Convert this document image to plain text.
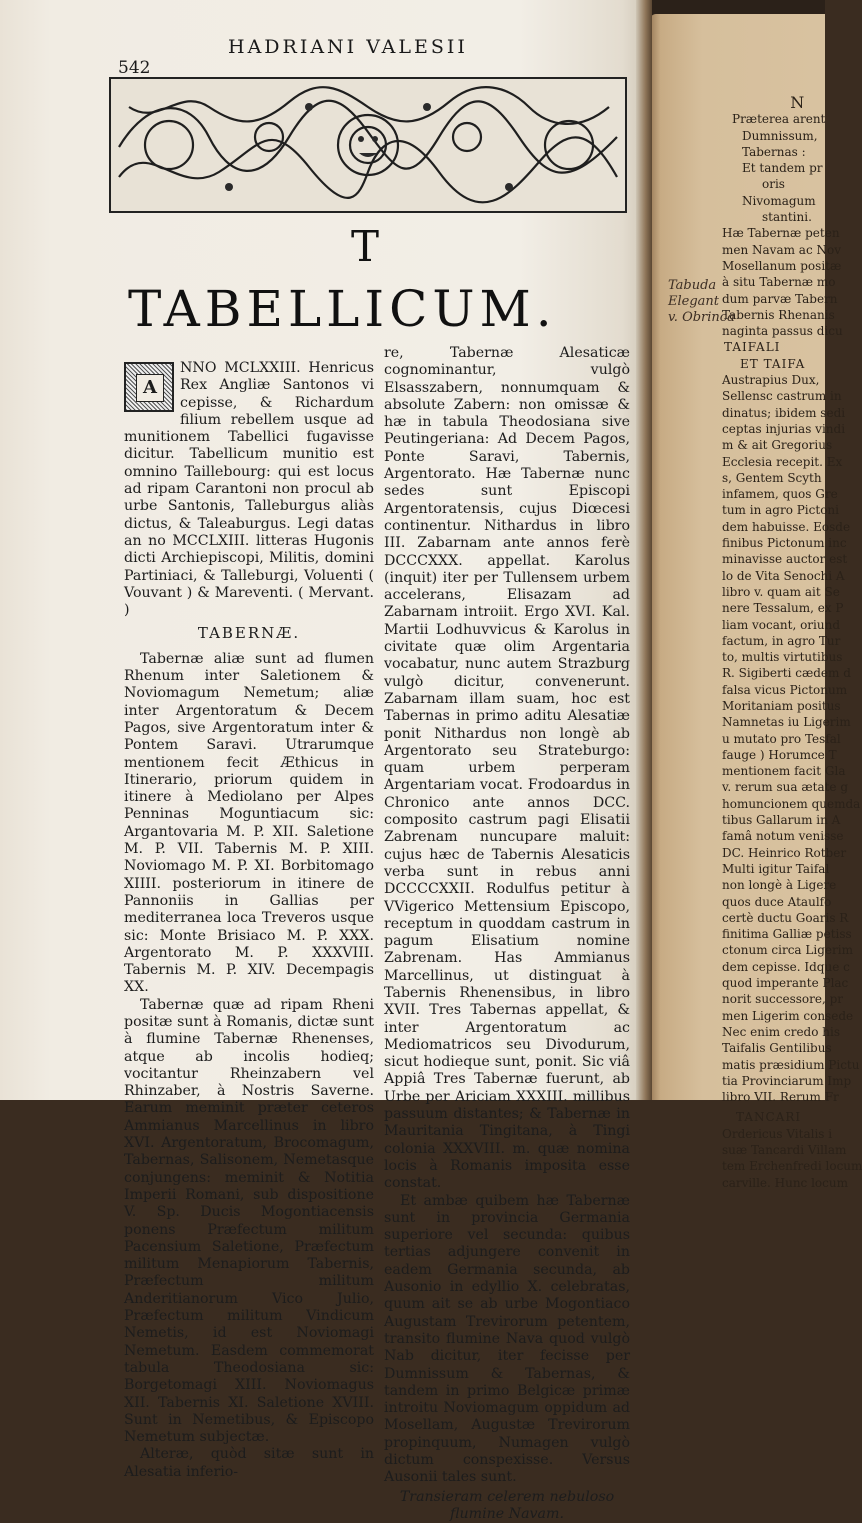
542
HADRIANI VALESII
T
TABELLICUM.

A
NNO MCLXXIII. Henricus Rex Angliæ Santonos vi cepisse, & Richardum filium rebellem usque ad munitionem Tabellici fugavisse dicitur. Tabellicum munitio est omnino Taillebourg: qui est locus ad ripam Carantoni non procul ab urbe Santonis, Talleburgus aliàs dictus, & Taleaburgus. Legi datas an no MCCLXIII. litteras Hugonis dicti Archiepiscopi, Militis, domini Partiniaci, & Talleburgi, Voluenti ( Vouvant ) & Mareventi. ( Mervant. )

TABERNÆ.

Tabernæ aliæ sunt ad flumen Rhenum inter Saletionem & Noviomagum Nemetum; aliæ inter Argentoratum & Decem Pagos, sive Argentoratum inter & Pontem Saravi. Utrarumque mentionem fecit Æthicus in Itinerario, priorum quidem in itinere à Mediolano per Alpes Penninas Moguntiacum sic: Argantovaria M. P. XII. Saletione M. P. VII. Tabernis M. P. XIII. Noviomago M. P. XI. Borbitomago XIIII. posteriorum in itinere de Pannoniis in Gallias per mediterranea loca Treveros usque sic: Monte Brisiaco M. P. XXX. Argentorato M. P. XXXVIII. Tabernis M. P. XIV. Decempagis XX.

Tabernæ quæ ad ripam Rheni positæ sunt à Romanis, dictæ sunt à flumine Tabernæ Rhenenses, atque ab incolis hodieq; vocitantur Rheinzabern vel Rhinzaber, à Nostris Saverne. Earum meminit præter ceteros Ammianus Marcellinus in libro XVI. Argentoratum, Brocomagum, Tabernas, Salisonem, Nemetasque conjungens: meminit & Notitia Imperii Romani, sub dispositione V. Sp. Ducis Mogontiacensis ponens Præfectum militum Pacensium Saletione, Præfectum militum Menapiorum Tabernis, Præfectum militum Anderitianorum Vico Julio, Præfectum militum Vindicum Nemetis, id est Noviomagi Nemetum. Easdem commemorat tabula Theodosiana sic: Borgetomagi XIII. Noviomagus XII. Tabernis XI. Saletione XVIII. Sunt in Nemetibus, & Episcopo Nemetum subjectæ.

Alteræ, quòd sitæ sunt in Alesatia inferio-

re, Tabernæ Alesaticæ cognominantur, vulgò Elsasszabern, nonnumquam & absolute Zabern: non omissæ & hæ in tabula Theodosiana sive Peutingeriana: Ad Decem Pagos, Ponte Saravi, Tabernis, Argentorato. Hæ Tabernæ nunc sedes sunt Episcopi Argentoratensis, cujus Diœcesi continentur. Nithardus in libro III. Zabarnam ante annos ferè DCCCXXX. appellat. Karolus (inquit) iter per Tullensem urbem accelerans, Elisazam ad Zabarnam introiit. Ergo XVI. Kal. Martii Lodhuvvicus & Karolus in civitate quæ olim Argentaria vocabatur, nunc autem Strazburg vulgò dicitur, convenerunt. Zabarnam illam suam, hoc est Tabernas in primo aditu Alesatiæ ponit Nithardus non longè ab Argentorato seu Strateburgo: quam urbem perperam Argentariam vocat. Frodoardus in Chronico ante annos DCC. composito castrum pagi Elisatii Zabrenam nuncupare maluit: cujus hæc de Tabernis Alesaticis verba sunt in rebus anni DCCCCXXII. Rodulfus petitur à VVigerico Mettensium Episcopo, receptum in quoddam castrum in pagum Elisatium nomine Zabrenam. Has Ammianus Marcellinus, ut distinguat à Tabernis Rhenensibus, in libro XVII. Tres Tabernas appellat, & inter Argentoratum ac Mediomatricos seu Divodurum, sicut hodieque sunt, ponit. Sic viâ Appiâ Tres Tabernæ fuerunt, ab Urbe per Ariciam XXXIII. millibus passuum distantes; & Tabernæ in Mauritania Tingitana, à Tingi colonia XXXVIII. m. quæ nomina locis à Romanis imposita esse constat.

Et ambæ quibem hæ Tabernæ sunt in provincia Germania superiore vel secunda: quibus tertias adjungere convenit in eadem Germania secunda, ab Ausonio in edyllio X. celebratas, quum ait se ab urbe Mogontiaco Augustam Trevirorum petentem, transito flumine Nava quod vulgò Nab dicitur, iter fecisse per Dumnissum & Tabernas, & tandem in primo Belgicæ primæ introitu Noviomagum oppidum ad Mosellam, Augustæ Trevirorum propinquum, Numagen vulgò dictum conspexisse. Versus Ausonii tales sunt.

Transieram celerem nebuloso flumine Navam.

N
Præterea arent
Dumnissum,
Tabernas :
Et tandem pr
oris
Nivomagum
stantini.
Hæ Tabernæ peten
men Navam ac Nov
Mosellanum positæ
à situ Tabernæ mo
dum parvæ Tabern
Tabernis Rhenanis
naginta passus dicu
TAIFALI
ET TAIFA
Austrapius Dux,
Sellensc castrum in
dinatus; ibidem sedi
ceptas injurias vindi
m & ait Gregorius
Ecclesia recepit. Ex
s, Gentem Scyth
infamem, quos Gre
tum in agro Pictoni
dem habuisse. Eosde
finibus Pictonum inc
minavisse auctor est
lo de Vita Senochi A
libro v. quam ait Se
nere Tessalum, ex P
liam vocant, oriund
factum, in agro Tur
to, multis virtutibus
R. Sigiberti cædem d
falsa vicus Pictonum
Moritaniam positus
Namnetas iu Ligerim
u mutato pro Tesfal
fauge ) Horumce T
mentionem facit Gla
v. rerum sua ætate g
homuncionem quemda
tibus Gallarum in A
famâ notum venisse
DC. Heinrico Rotber
Multi igitur Taifal
non longè à Ligere
quos duce Ataulfo
certè ductu Goaris R
finitima Galliæ petiss
ctonum circa Ligerim
dem cepisse. Idque c
quod imperante Plac
norit successore, pr
men Ligerim consede
Nec enim credo his
Taifalis Gentilibus
matis præsidium Pictu
tia Provinciarum Imp
libro VII. Rerum Fr
TANCARI
Ordericus Vitalis i
suæ Tancardi Villam
tem Erchenfredi locum
carville. Hunc locum
Tabuda
Elegant
v. Obrinca
